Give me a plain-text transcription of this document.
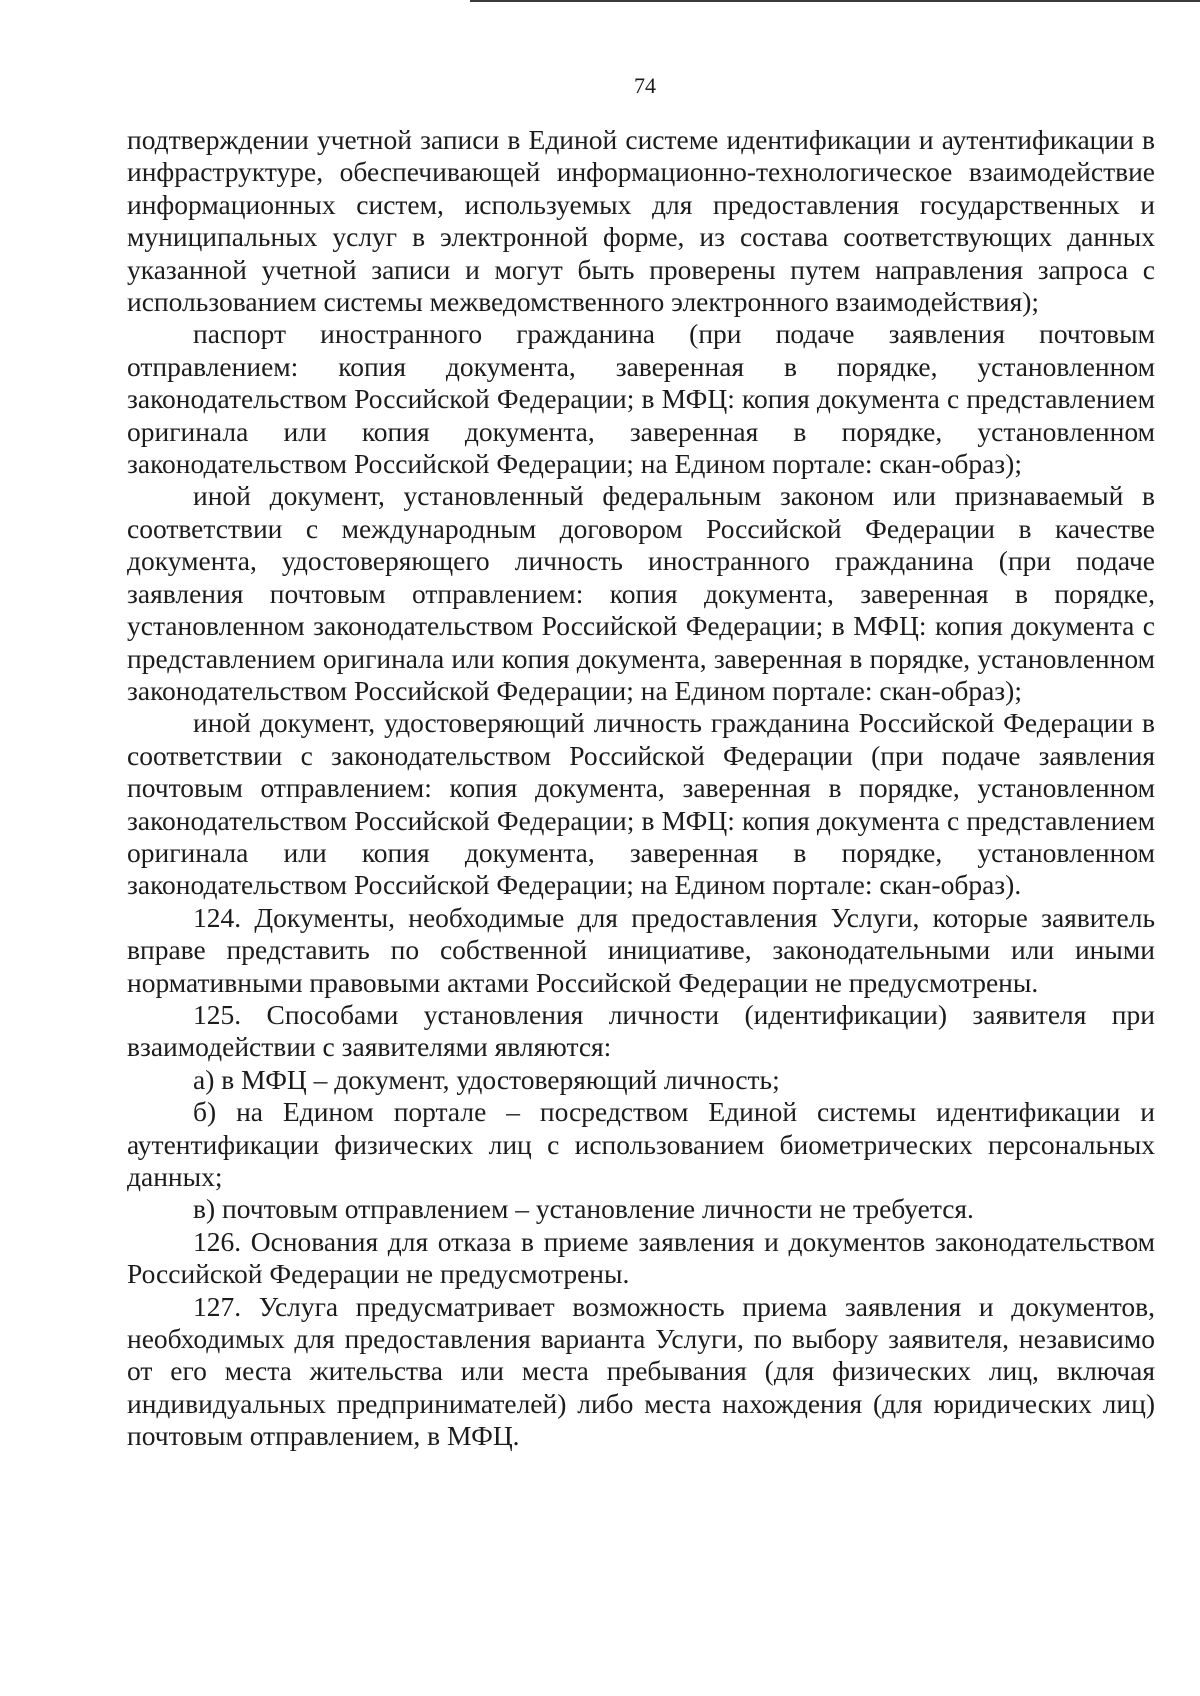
74

подтверждении учетной записи в Единой системе идентификации и аутентификации в инфраструктуре, обеспечивающей информационно-технологическое взаимодействие информационных систем, используемых для предоставления государственных и муниципальных услуг в электронной форме, из состава соответствующих данных указанной учетной записи и могут быть проверены путем направления запроса с использованием системы межведомственного электронного взаимодействия);

паспорт иностранного гражданина (при подаче заявления почтовым отправлением: копия документа, заверенная в порядке, установленном законодательством Российской Федерации; в МФЦ: копия документа с представлением оригинала или копия документа, заверенная в порядке, установленном законодательством Российской Федерации; на Едином портале: скан-образ);

иной документ, установленный федеральным законом или признаваемый в соответствии с международным договором Российской Федерации в качестве документа, удостоверяющего личность иностранного гражданина (при подаче заявления почтовым отправлением: копия документа, заверенная в порядке, установленном законодательством Российской Федерации; в МФЦ: копия документа с представлением оригинала или копия документа, заверенная в порядке, установленном законодательством Российской Федерации; на Едином портале: скан-образ);

иной документ, удостоверяющий личность гражданина Российской Федерации в соответствии с законодательством Российской Федерации (при подаче заявления почтовым отправлением: копия документа, заверенная в порядке, установленном законодательством Российской Федерации; в МФЦ: копия документа с представлением оригинала или копия документа, заверенная в порядке, установленном законодательством Российской Федерации; на Едином портале: скан-образ).

124. Документы, необходимые для предоставления Услуги, которые заявитель вправе представить по собственной инициативе, законодательными или иными нормативными правовыми актами Российской Федерации не предусмотрены.

125. Способами установления личности (идентификации) заявителя при взаимодействии с заявителями являются:

а) в МФЦ – документ, удостоверяющий личность;

б) на Едином портале – посредством Единой системы идентификации и аутентификации физических лиц с использованием биометрических персональных данных;

в) почтовым отправлением – установление личности не требуется.

126. Основания для отказа в приеме заявления и документов законодательством Российской Федерации не предусмотрены.

127. Услуга предусматривает возможность приема заявления и документов, необходимых для предоставления варианта Услуги, по выбору заявителя, независимо от его места жительства или места пребывания (для физических лиц, включая индивидуальных предпринимателей) либо места нахождения (для юридических лиц) почтовым отправлением, в МФЦ.
